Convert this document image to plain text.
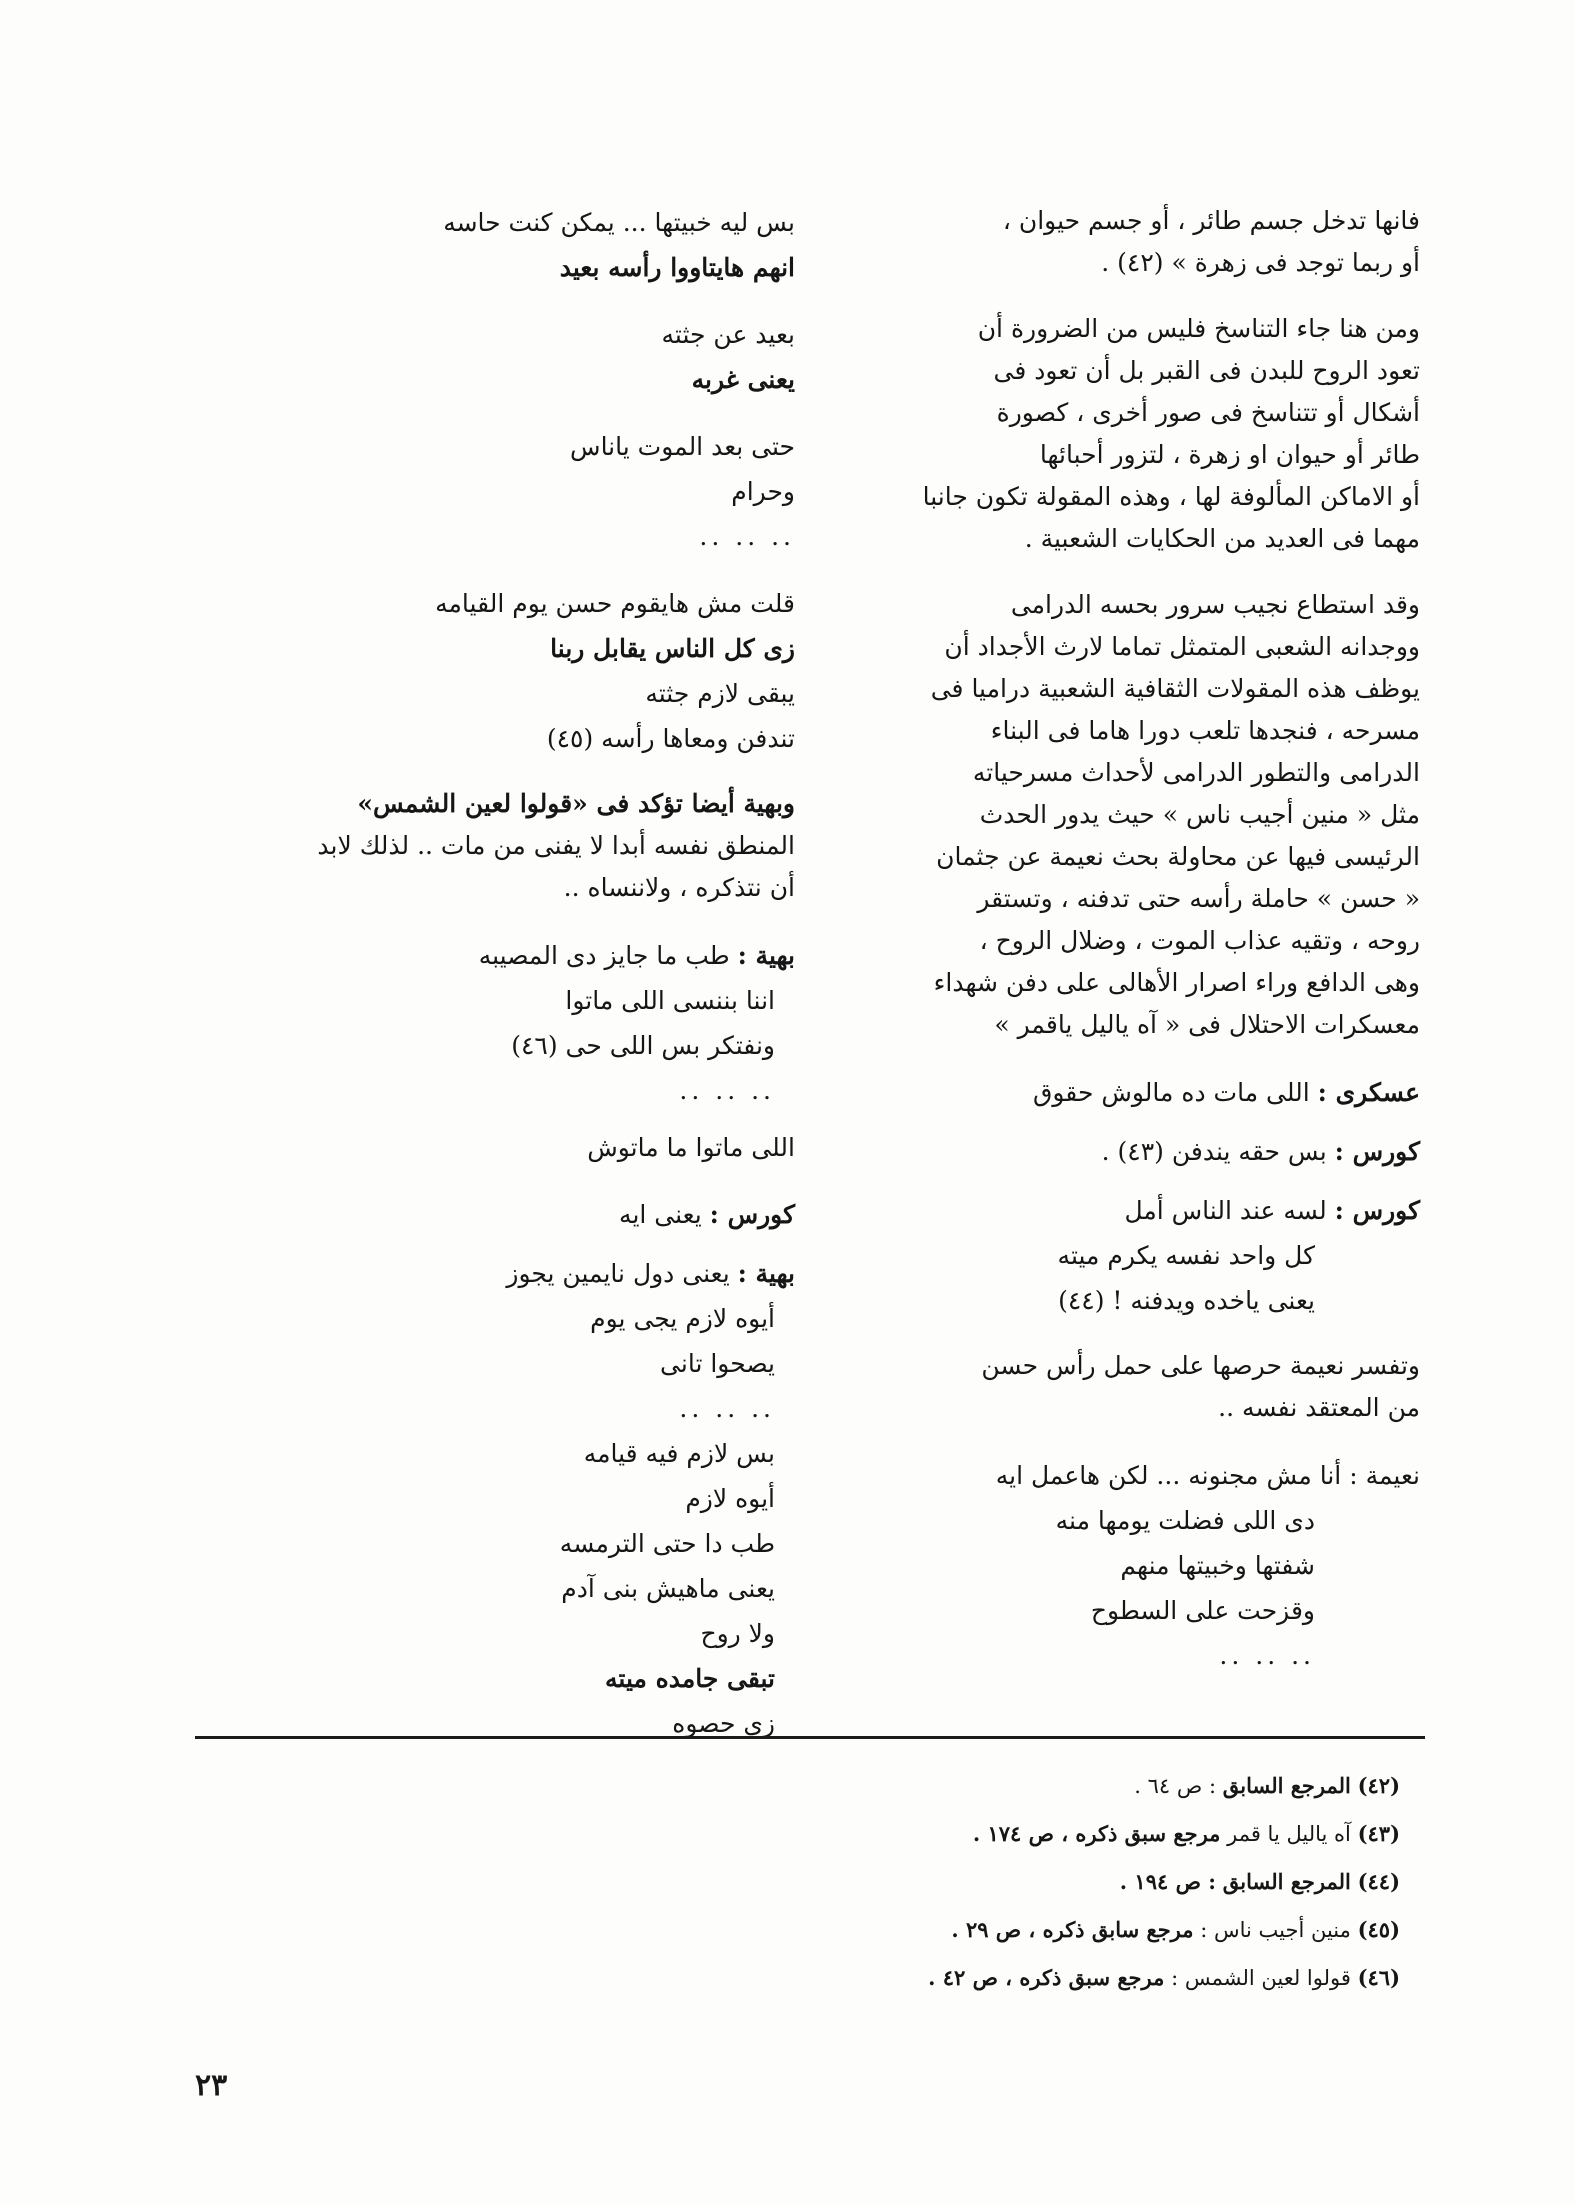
فانها تدخل جسم طائر ، أو جسم حيوان ،
أو ربما توجد فى زهرة » (٤٢) .

ومن هنا جاء التناسخ فليس من الضرورة أن
تعود الروح للبدن فى القبر بل أن تعود فى
أشكال أو تتناسخ فى صور أخرى ، كصورة
طائر أو حيوان او زهرة ، لتزور أحبائها
أو الاماكن المألوفة لها ، وهذه المقولة تكون جانبا
مهما فى العديد من الحكايات الشعبية .

وقد استطاع نجيب سرور بحسه الدرامى
ووجدانه الشعبى المتمثل تماما لارث الأجداد أن
يوظف هذه المقولات الثقافية الشعبية دراميا فى
مسرحه ، فنجدها تلعب دورا هاما فى البناء
الدرامى والتطور الدرامى لأحداث مسرحياته
مثل « منين أجيب ناس » حيث يدور الحدث
الرئيسى فيها عن محاولة بحث نعيمة عن جثمان
« حسن » حاملة رأسه حتى تدفنه ، وتستقر
روحه ، وتقيه عذاب الموت ، وضلال الروح ،
وهى الدافع وراء اصرار الأهالى على دفن شهداء
معسكرات الاحتلال فى « آه ياليل ياقمر »

عسكرى : اللى مات ده مالوش حقوق
كورس : بس حقه يندفن (٤٣) .
كورس : لسه عند الناس أمل
كل واحد نفسه يكرم ميته
يعنى ياخده ويدفنه ! (٤٤)

وتفسر نعيمة حرصها على حمل رأس حسن
من المعتقد نفسه ..

نعيمة : أنا مش مجنونه ... لكن هاعمل ايه
دى اللى فضلت يومها منه
شفتها وخبيتها منهم
وقزحت على السطوح
.. .. ..
بس ليه خبيتها ... يمكن كنت حاسه
انهم هايتاووا رأسه بعيد
بعيد عن جثته
يعنى غربه
حتى بعد الموت ياناس
وحرام
.. .. ..
قلت مش هايقوم حسن يوم القيامه
زى كل الناس يقابل ربنا
يبقى لازم جثته
تندفن ومعاها رأسه (٤٥)

وبهية أيضا تؤكد فى «قولوا لعين الشمس»
المنطق نفسه أبدا لا يفنى من مات .. لذلك لابد
أن نتذكره ، ولاننساه ..

بهية : طب ما جايز دى المصيبه
اننا بننسى اللى ماتوا
ونفتكر بس اللى حى (٤٦)
.. .. ..
اللى ماتوا ما ماتوش
كورس : يعنى ايه
بهية : يعنى دول نايمين يجوز
أيوه لازم يجى يوم
يصحوا تانى
.. .. ..
بس لازم فيه قيامه
أيوه لازم
طب دا حتى الترمسه
يعنى ماهيش بنى آدم
ولا روح
تبقى جامده ميته
زى حصوه
(٤٢) المرجع السابق : ص ٦٤ .
(٤٣) آه ياليل يا قمر مرجع سبق ذكره ، ص ١٧٤ .
(٤٤) المرجع السابق : ص ١٩٤ .
(٤٥) منين أجيب ناس : مرجع سابق ذكره ، ص ٢٩ .
(٤٦) قولوا لعين الشمس : مرجع سبق ذكره ، ص ٤٢ .
٢٣
